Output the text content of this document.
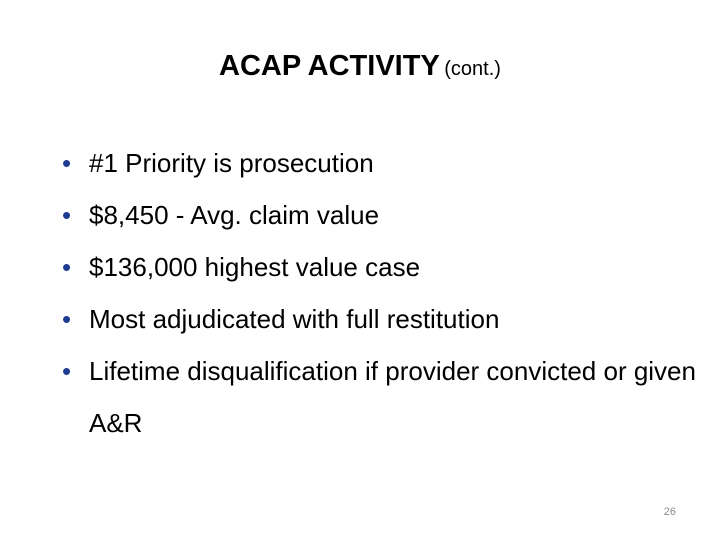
ACAP ACTIVITY (cont.)
• #1 Priority is prosecution
• $8,450 - Avg. claim value
• $136,000 highest value case
• Most adjudicated with full restitution
• Lifetime disqualification if provider convicted or given A&R
26
